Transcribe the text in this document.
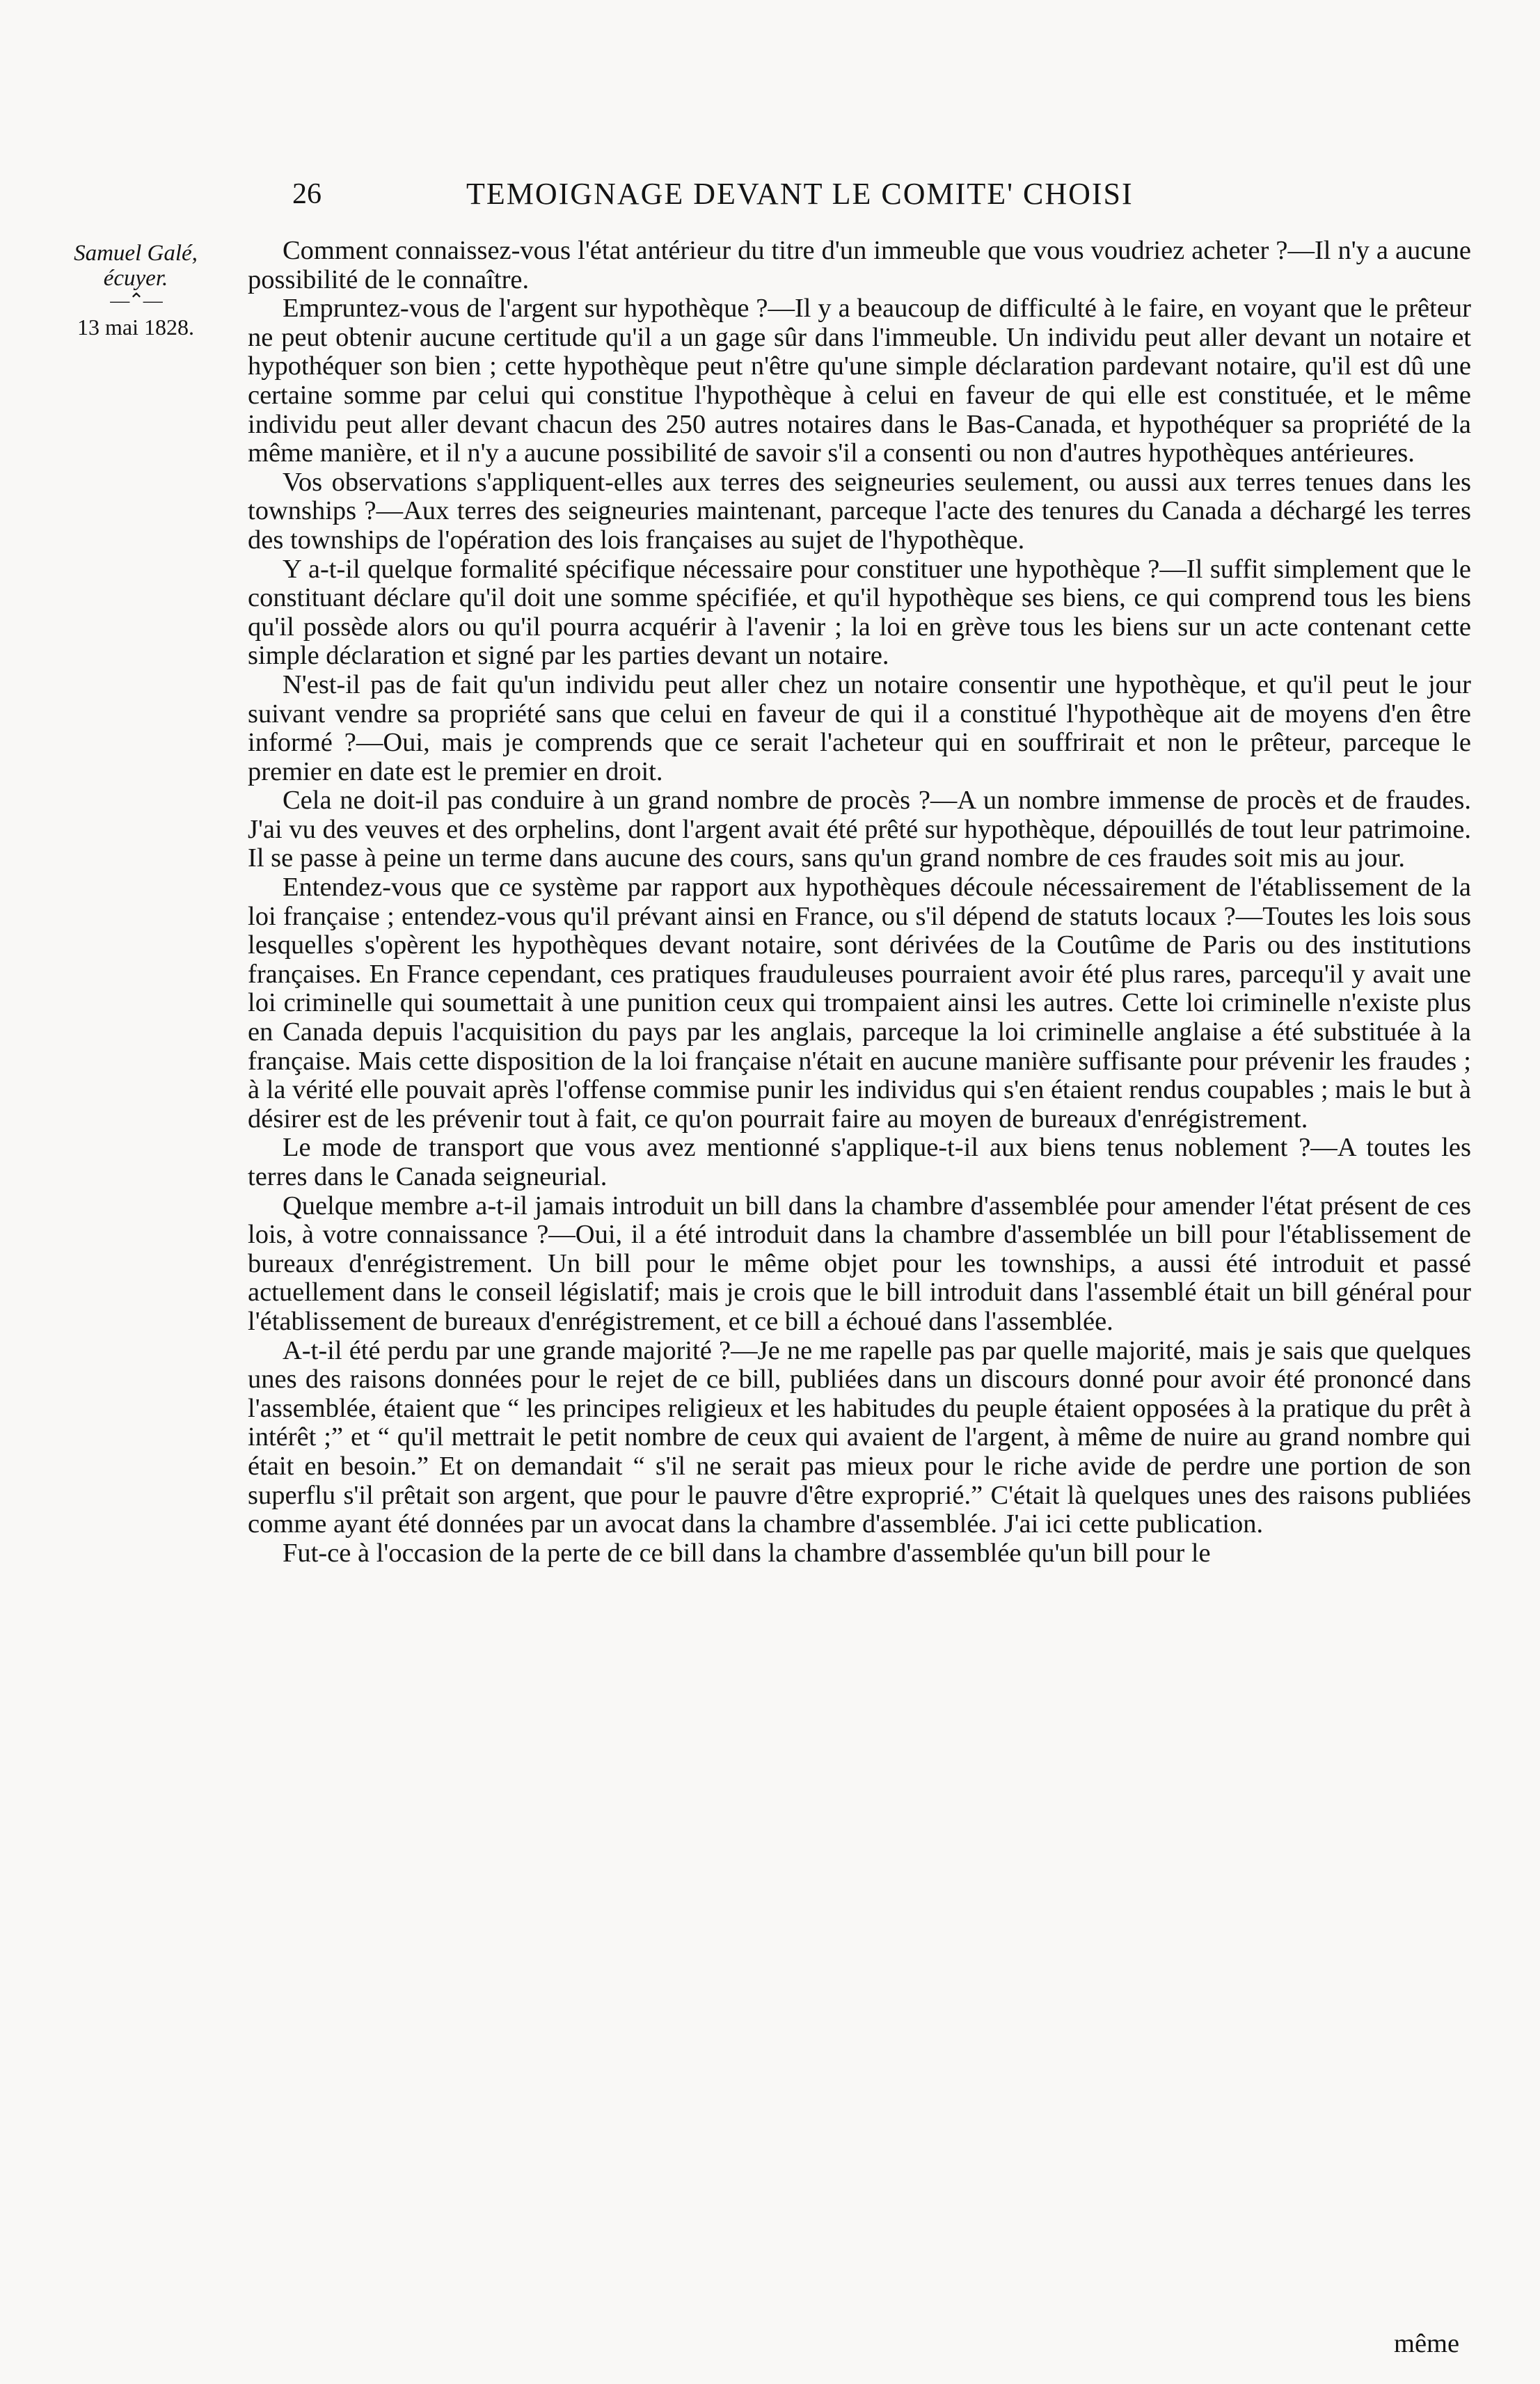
26	TEMOIGNAGE DEVANT LE COMITE' CHOISI
Samuel Galé,
écuyer.
—⌃—
13 mai 1828.

Comment connaissez-vous l'état antérieur du titre d'un immeuble que vous voudriez acheter ?—Il n'y a aucune possibilité de le connaître.

Empruntez-vous de l'argent sur hypothèque ?—Il y a beaucoup de difficulté à le faire, en voyant que le prêteur ne peut obtenir aucune certitude qu'il a un gage sûr dans l'immeuble. Un individu peut aller devant un notaire et hypothéquer son bien ; cette hypothèque peut n'être qu'une simple déclaration pardevant notaire, qu'il est dû une certaine somme par celui qui constitue l'hypothèque à celui en faveur de qui elle est constituée, et le même individu peut aller devant chacun des 250 autres notaires dans le Bas-Canada, et hypothéquer sa propriété de la même manière, et il n'y a aucune possibilité de savoir s'il a consenti ou non d'autres hypothèques antérieures.

Vos observations s'appliquent-elles aux terres des seigneuries seulement, ou aussi aux terres tenues dans les townships ?—Aux terres des seigneuries maintenant, parceque l'acte des tenures du Canada a déchargé les terres des townships de l'opération des lois françaises au sujet de l'hypothèque.

Y a-t-il quelque formalité spécifique nécessaire pour constituer une hypothèque ?—Il suffit simplement que le constituant déclare qu'il doit une somme spécifiée, et qu'il hypothèque ses biens, ce qui comprend tous les biens qu'il possède alors ou qu'il pourra acquérir à l'avenir ; la loi en grève tous les biens sur un acte contenant cette simple déclaration et signé par les parties devant un notaire.

N'est-il pas de fait qu'un individu peut aller chez un notaire consentir une hypothèque, et qu'il peut le jour suivant vendre sa propriété sans que celui en faveur de qui il a constitué l'hypothèque ait de moyens d'en être informé ?—Oui, mais je comprends que ce serait l'acheteur qui en souffrirait et non le prêteur, parceque le premier en date est le premier en droit.

Cela ne doit-il pas conduire à un grand nombre de procès ?—A un nombre immense de procès et de fraudes. J'ai vu des veuves et des orphelins, dont l'argent avait été prêté sur hypothèque, dépouillés de tout leur patrimoine. Il se passe à peine un terme dans aucune des cours, sans qu'un grand nombre de ces fraudes soit mis au jour.

Entendez-vous que ce système par rapport aux hypothèques découle nécessairement de l'établissement de la loi française ; entendez-vous qu'il prévant ainsi en France, ou s'il dépend de statuts locaux ?—Toutes les lois sous lesquelles s'opèrent les hypothèques devant notaire, sont dérivées de la Coutûme de Paris ou des institutions françaises. En France cependant, ces pratiques frauduleuses pourraient avoir été plus rares, parcequ'il y avait une loi criminelle qui soumettait à une punition ceux qui trompaient ainsi les autres. Cette loi criminelle n'existe plus en Canada depuis l'acquisition du pays par les anglais, parceque la loi criminelle anglaise a été substituée à la française. Mais cette disposition de la loi française n'était en aucune manière suffisante pour prévenir les fraudes ; à la vérité elle pouvait après l'offense commise punir les individus qui s'en étaient rendus coupables ; mais le but à désirer est de les prévenir tout à fait, ce qu'on pourrait faire au moyen de bureaux d'enrégistrement.

Le mode de transport que vous avez mentionné s'applique-t-il aux biens tenus noblement ?—A toutes les terres dans le Canada seigneurial.

Quelque membre a-t-il jamais introduit un bill dans la chambre d'assemblée pour amender l'état présent de ces lois, à votre connaissance ?—Oui, il a été introduit dans la chambre d'assemblée un bill pour l'établissement de bureaux d'enrégistrement. Un bill pour le même objet pour les townships, a aussi été introduit et passé actuellement dans le conseil législatif; mais je crois que le bill introduit dans l'assemblé était un bill général pour l'établissement de bureaux d'enrégistrement, et ce bill a échoué dans l'assemblée.

A-t-il été perdu par une grande majorité ?—Je ne me rapelle pas par quelle majorité, mais je sais que quelques unes des raisons données pour le rejet de ce bill, publiées dans un discours donné pour avoir été prononcé dans l'assemblée, étaient que “ les principes religieux et les habitudes du peuple étaient opposées à la pratique du prêt à intérêt ;” et “ qu'il mettrait le petit nombre de ceux qui avaient de l'argent, à même de nuire au grand nombre qui était en besoin.” Et on demandait “ s'il ne serait pas mieux pour le riche avide de perdre une portion de son superflu s'il prêtait son argent, que pour le pauvre d'être exproprié.” C'était là quelques unes des raisons publiées comme ayant été données par un avocat dans la chambre d'assemblée. J'ai ici cette publication.

Fut-ce à l'occasion de la perte de ce bill dans la chambre d'assemblée qu'un bill pour le

même
